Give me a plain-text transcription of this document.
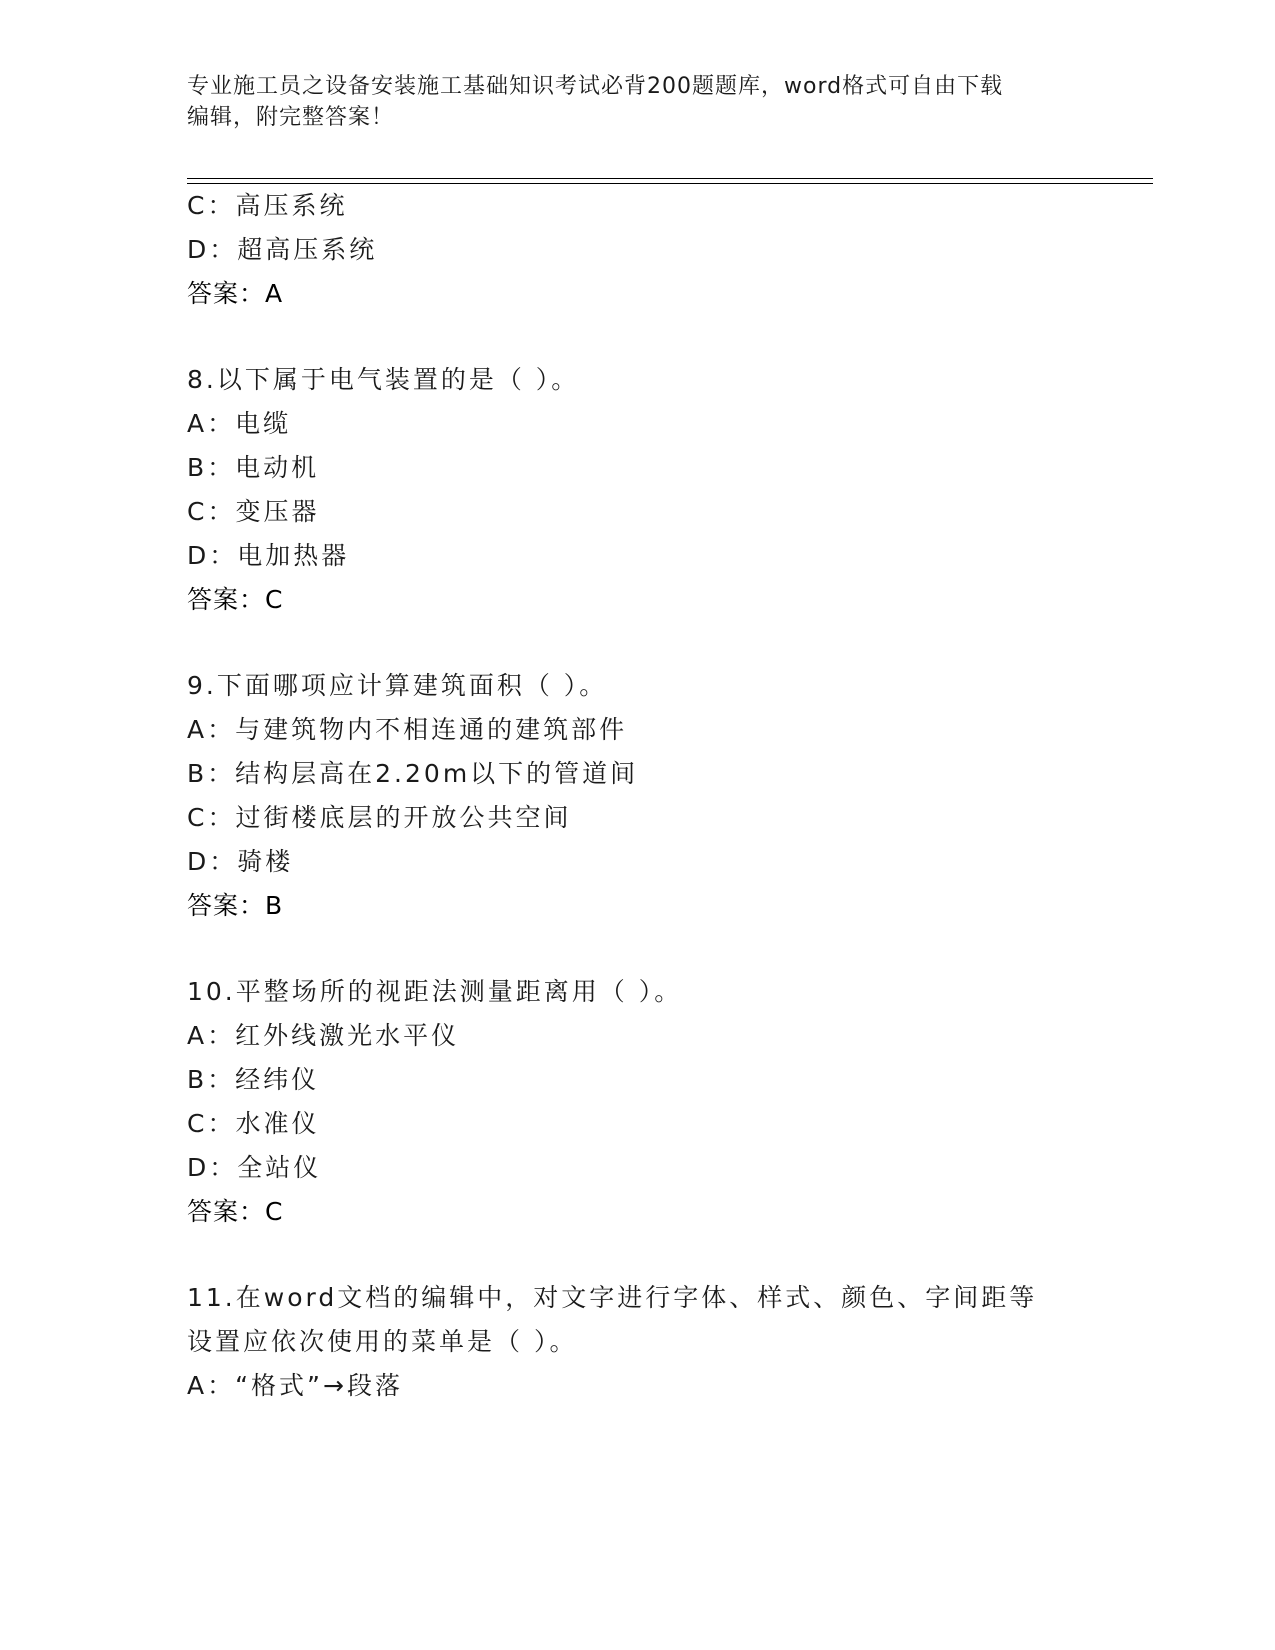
专业施工员之设备安装施工基础知识考试必背200题题库，word格式可自由下载
编辑，附完整答案！
C：高压系统
D：超高压系统
答案：A
8.以下属于电气装置的是（ ）。
A：电缆
B：电动机
C：变压器
D：电加热器
答案：C
9.下面哪项应计算建筑面积（ ）。
A：与建筑物内不相连通的建筑部件
B：结构层高在2.20m以下的管道间
C：过街楼底层的开放公共空间
D：骑楼
答案：B
10.平整场所的视距法测量距离用（ ）。
A：红外线激光水平仪
B：经纬仪
C：水准仪
D：全站仪
答案：C
11.在word文档的编辑中，对文字进行字体、样式、颜色、字间距等
设置应依次使用的菜单是（ ）。
A：“格式”→段落
